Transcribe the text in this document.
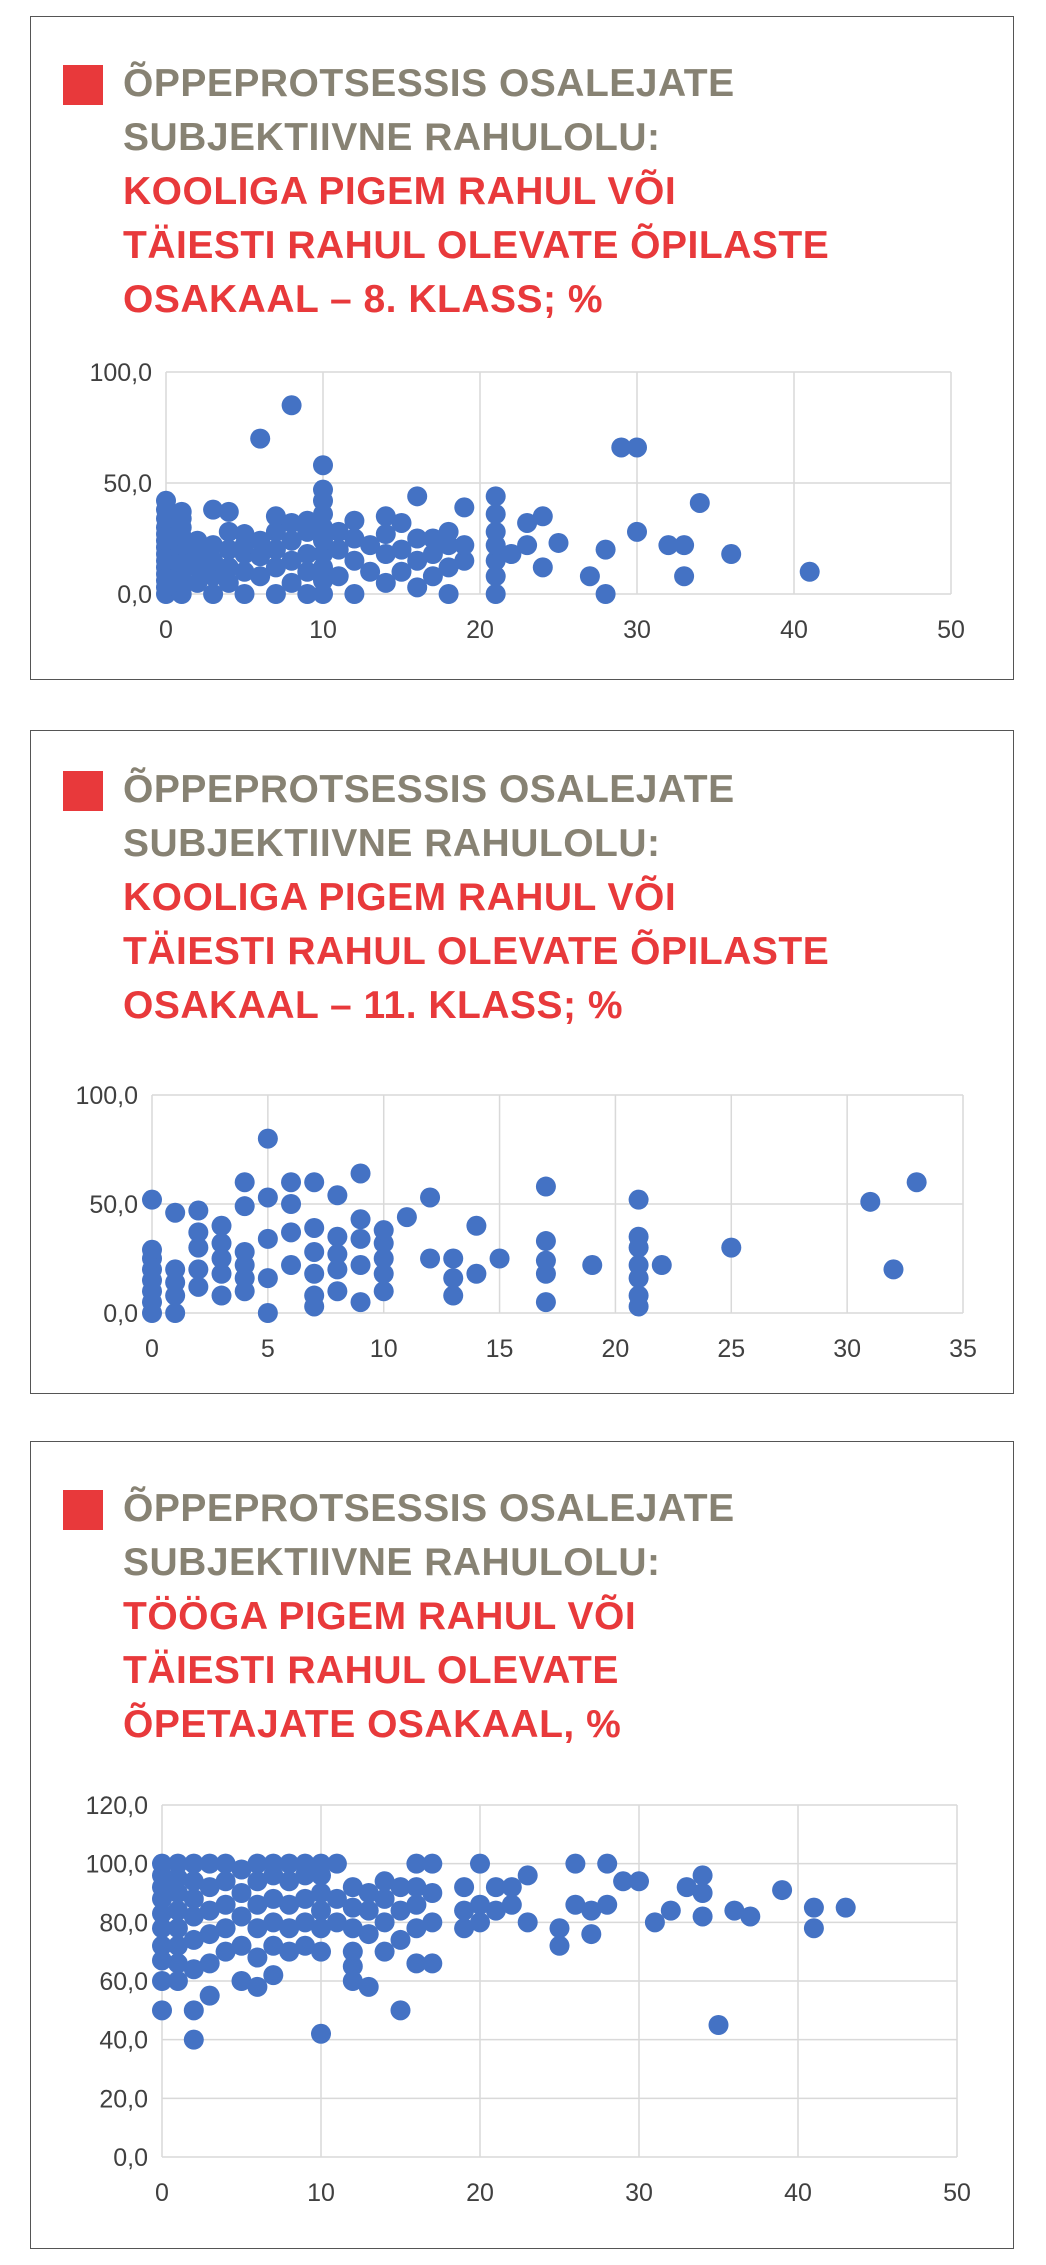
ÕPPEPROTSESSIS OSALEJATE
SUBJEKTIIVNE RAHULOLU:
KOOLIGA PIGEM RAHUL VÕI
TÄIESTI RAHUL OLEVATE ÕPILASTE
OSAKAAL – 8. KLASS; %
0	10	20	30	40	50
0,0
50,0
100,0
ÕPPEPROTSESSIS OSALEJATE
SUBJEKTIIVNE RAHULOLU:
KOOLIGA PIGEM RAHUL VÕI
TÄIESTI RAHUL OLEVATE ÕPILASTE
OSAKAAL – 11. KLASS; %
0	5	10	15	20	25	30	35
0,0
50,0
100,0
ÕPPEPROTSESSIS OSALEJATE
SUBJEKTIIVNE RAHULOLU:
TÖÖGA PIGEM RAHUL VÕI
TÄIESTI RAHUL OLEVATE
ÕPETAJATE OSAKAAL, %
0	10	20	30	40	50
0,0
20,0
40,0
60,0
80,0
100,0
120,0
